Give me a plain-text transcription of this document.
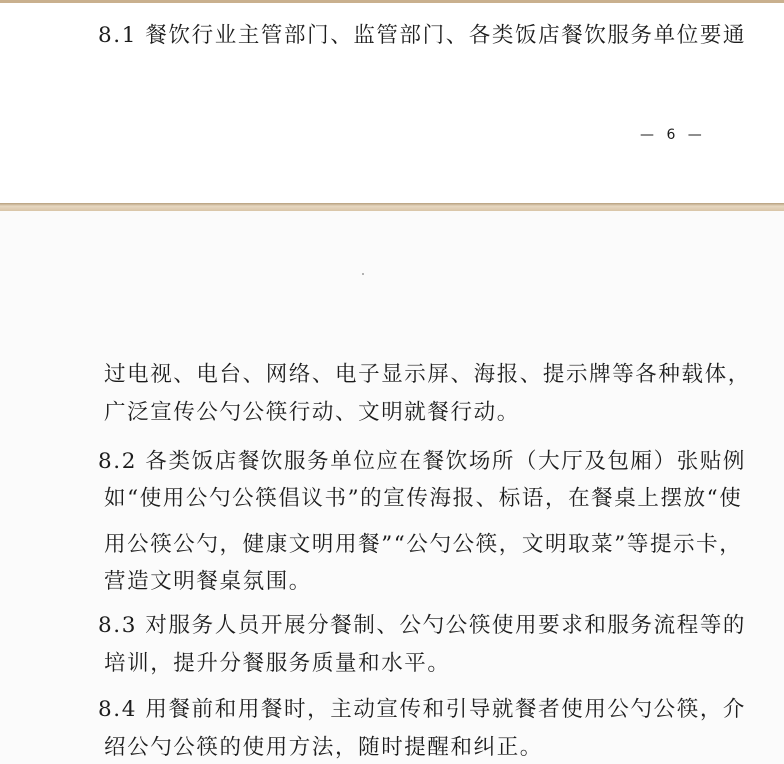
8.1 餐饮行业主管部门、监管部门、各类饭店餐饮服务单位要通
— 6 —
过电视、电台、网络、电子显示屏、海报、提示牌等各种载体，
广泛宣传公勺公筷行动、文明就餐行动。
8.2 各类饭店餐饮服务单位应在餐饮场所（大厅及包厢）张贴例
如“使用公勺公筷倡议书”的宣传海报、标语，在餐桌上摆放“使
用公筷公勺，健康文明用餐”“公勺公筷，文明取菜”等提示卡，
营造文明餐桌氛围。
8.3 对服务人员开展分餐制、公勺公筷使用要求和服务流程等的
培训，提升分餐服务质量和水平。
8.4 用餐前和用餐时，主动宣传和引导就餐者使用公勺公筷，介
绍公勺公筷的使用方法，随时提醒和纠正。
